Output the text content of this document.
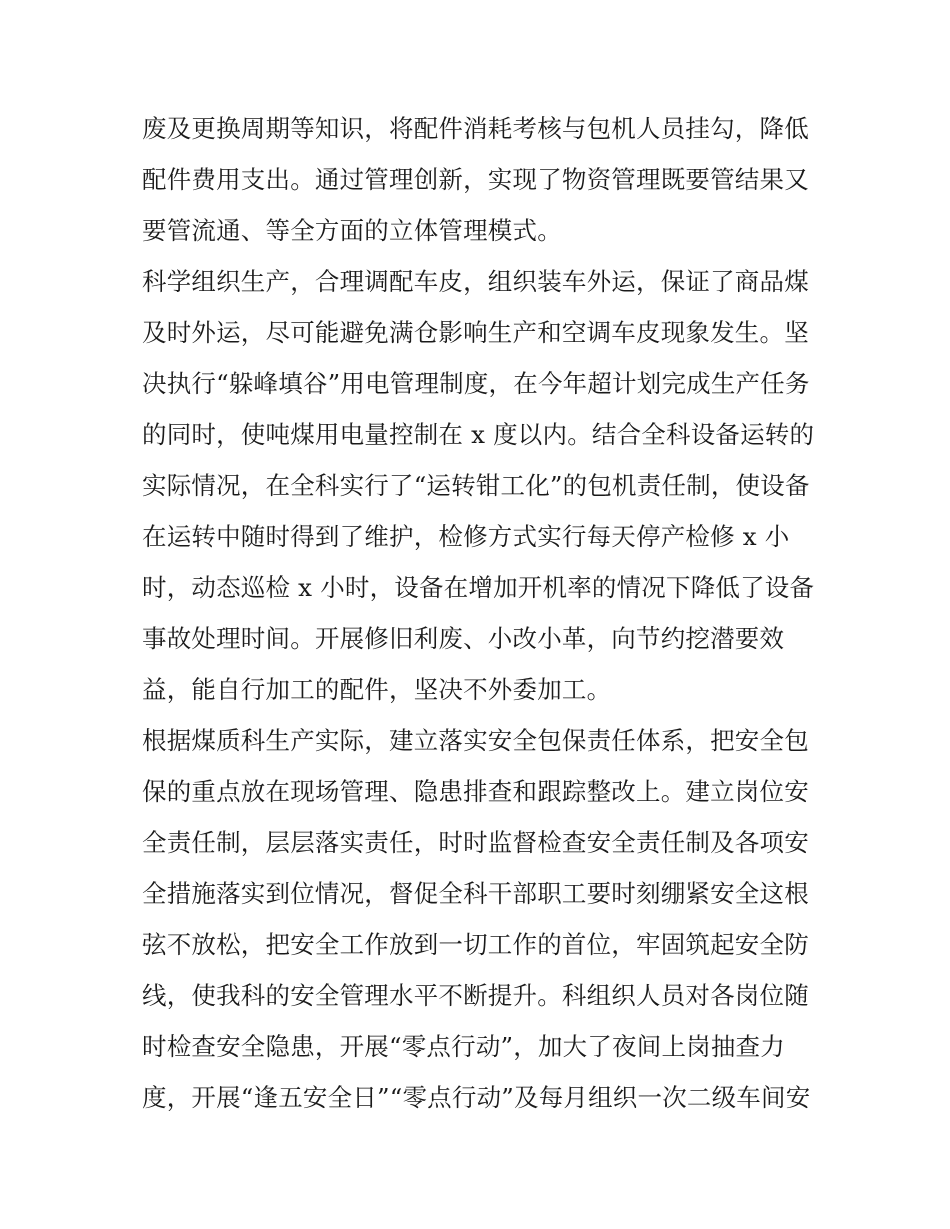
废及更换周期等知识，将配件消耗考核与包机人员挂勾，降低
配件费用支出。通过管理创新，实现了物资管理既要管结果又
要管流通、等全方面的立体管理模式。
科学组织生产，合理调配车皮，组织装车外运，保证了商品煤
及时外运，尽可能避免满仓影响生产和空调车皮现象发生。坚
决执行“躲峰填谷”用电管理制度，在今年超计划完成生产任务
的同时，使吨煤用电量控制在 x 度以内。结合全科设备运转的
实际情况，在全科实行了“运转钳工化”的包机责任制，使设备
在运转中随时得到了维护，检修方式实行每天停产检修 x 小
时，动态巡检 x 小时，设备在增加开机率的情况下降低了设备
事故处理时间。开展修旧利废、小改小革，向节约挖潜要效
益，能自行加工的配件，坚决不外委加工。
根据煤质科生产实际，建立落实安全包保责任体系，把安全包
保的重点放在现场管理、隐患排查和跟踪整改上。建立岗位安
全责任制，层层落实责任，时时监督检查安全责任制及各项安
全措施落实到位情况，督促全科干部职工要时刻绷紧安全这根
弦不放松，把安全工作放到一切工作的首位，牢固筑起安全防
线，使我科的安全管理水平不断提升。科组织人员对各岗位随
时检查安全隐患，开展“零点行动”，加大了夜间上岗抽查力
度，开展“逢五安全日”“零点行动”及每月组织一次二级车间安
